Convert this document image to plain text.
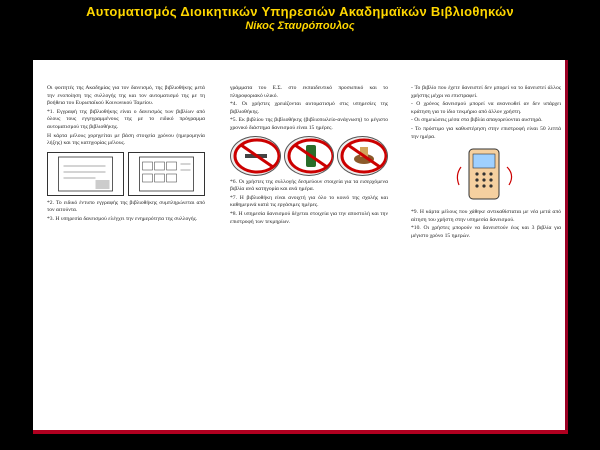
Αυτοματισμός Διοικητικών Υπηρεσιών Ακαδημαϊκών Βιβλιοθηκών
Νίκος Σταυρόπουλος

Οι φοιτητές της Ακαδημίας για τον δανεισμό, της βιβλιοθήκης μετά την ενοποίηση της συλλογής της και τον αυτοματισμό της με τη βοήθεια του Ευρωπαϊκού Κοινωνικού Ταμείου.

*1. Εγγραφή της βιβλιοθήκης είναι ο δανεισμός των βιβλίων από όλους τους εγγεγραμμένους της με το ειδικό πρόγραμμα αυτοματισμού της βιβλιοθήκης.

Η κάρτα μέλους χορηγείται με βάση στοιχεία χρόνου (ημερομηνία λήξης) και της κατηγορίας μέλους.

*2. Το ειδικό έντυπο εγγραφής της βιβλιοθήκης συμπληρώνεται από τον αιτούντα.

*3. Η υπηρεσία δανεισμού ελέγχει την ενημερότητα της συλλογής.

γράμματα του Ε.Σ. στο εκπαιδευτικό προσωπικό και το πληροφοριακό υλικό.

*4. Οι χρήστες χρειάζονται αυτοματισμό στις υπηρεσίες της βιβλιοθήκης.

*5. Εκ βιβλίου της βιβλιοθήκης (βιβλιοπωλείο-ανάγνωση) το μέγιστο χρονικό διάστημα δανεισμού είναι 15 ημέρες.

*6. Οι χρήστες της συλλογής δεσμεύουν στοιχεία για τα εισερχόμενα βιβλία ανά κατηγορία και ανά ημέρα.

*7. Η βιβλιοθήκη είναι ανοιχτή για όλο το κοινό της σχολής και καθημερινά κατά τις εργάσιμες ημέρες.

*8. Η υπηρεσία δανεισμού δέχεται στοιχεία για την αποστολή και την επιστροφή των τεκμηρίων.

- Το βιβλίο που έχετε δανειστεί δεν μπορεί να το δανειστεί άλλος χρήστης μέχρι να επιστραφεί.

- Ο χρόνος δανεισμού μπορεί να ανανεωθεί αν δεν υπάρχει κράτηση για το ίδιο τεκμήριο από άλλον χρήστη.

- Οι σημειώσεις μέσα στα βιβλία απαγορεύονται αυστηρά.

- Το πρόστιμο για καθυστέρηση στην επιστροφή είναι 50 λεπτά την ημέρα.

*9. Η κάρτα μέλους που χάθηκε αντικαθίσταται με νέα μετά από αίτηση του χρήστη στην υπηρεσία δανεισμού.

*10. Οι χρήστες μπορούν να δανειστούν έως και 3 βιβλία για μέγιστο χρόνο 15 ημερών.
